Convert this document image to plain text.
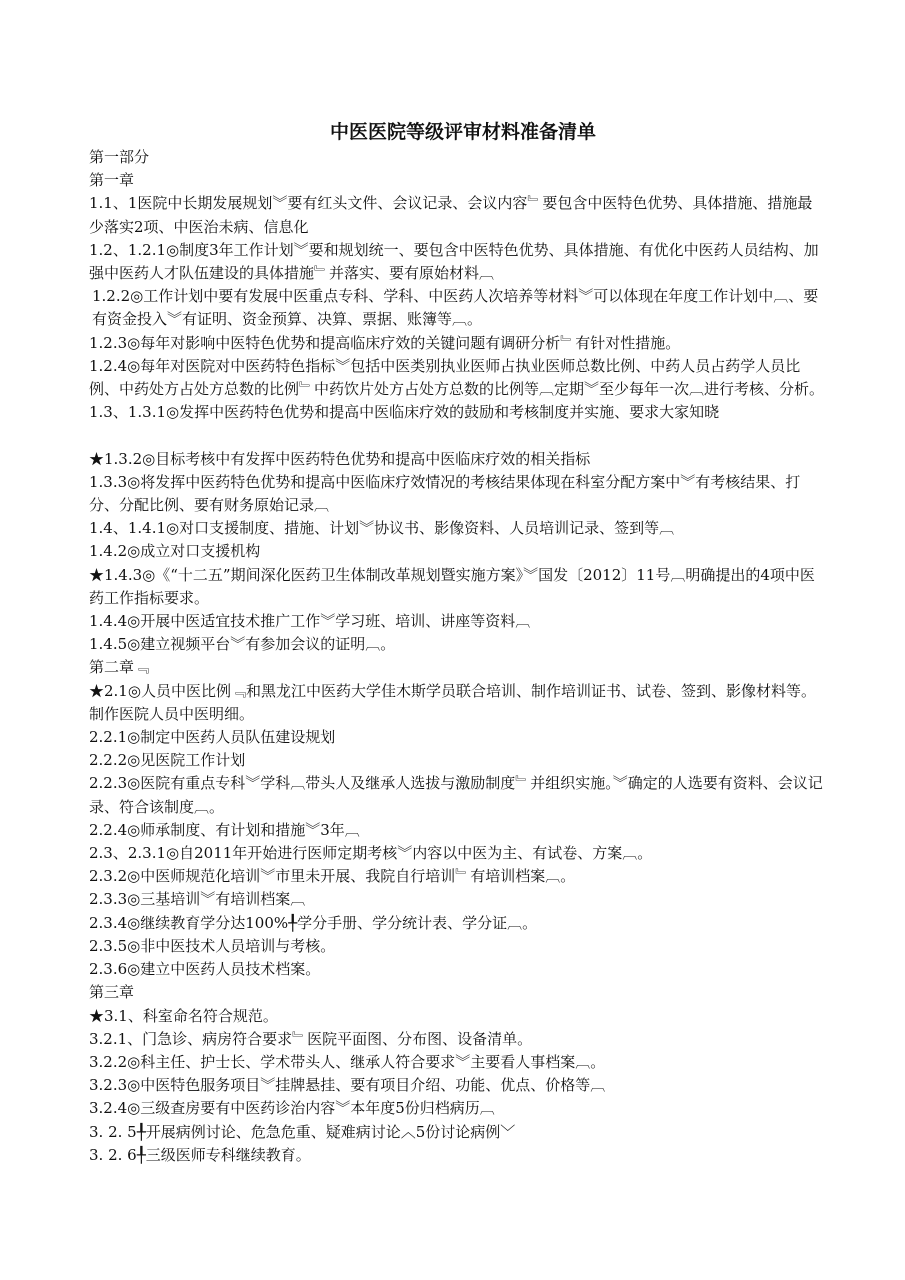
中医医院等级评审材料准备清单

第一部分

第一章

1.1、1医院中长期发展规划︾要有红头文件、会议记录、会议内容﹄要包含中医特色优势、具体措施、措施最少落实2项、中医治未病、信息化

1.2、1.2.1◎制度3年工作计划︾要和规划统一、要包含中医特色优势、具体措施、有优化中医药人员结构、加强中医药人才队伍建设的具体措施﹄并落实、要有原始材料︹

1.2.2◎工作计划中要有发展中医重点专科、学科、中医药人次培养等材料︾可以体现在年度工作计划中︹、要有资金投入︾有证明、资金预算、决算、票据、账簿等︹。

1.2.3◎每年对影响中医特色优势和提高临床疗效的关键问题有调研分析﹄有针对性措施。

1.2.4◎每年对医院对中医药特色指标︾包括中医类别执业医师占执业医师总数比例、中药人员占药学人员比例、中药处方占处方总数的比例﹄中药饮片处方占处方总数的比例等︹定期︾至少每年一次︹进行考核、分析。

1.3、1.3.1◎发挥中医药特色优势和提高中医临床疗效的鼓励和考核制度并实施、要求大家知晓

★1.3.2◎目标考核中有发挥中医药特色优势和提高中医临床疗效的相关指标

1.3.3◎将发挥中医药特色优势和提高中医临床疗效情况的考核结果体现在科室分配方案中︾有考核结果、打分、分配比例、要有财务原始记录︹

1.4、1.4.1◎对口支援制度、措施、计划︾协议书、影像资料、人员培训记录、签到等︹

1.4.2◎成立对口支援机构

★1.4.3◎《“十二五”期间深化医药卫生体制改革规划暨实施方案》︾国发〔2012〕11号︹明确提出的4项中医药工作指标要求。

1.4.4◎开展中医适宜技术推广工作︾学习班、培训、讲座等资料︹

1.4.5◎建立视频平台︾有参加会议的证明︹。

第二章﹃

★2.1◎人员中医比例﹃和黑龙江中医药大学佳木斯学员联合培训、制作培训证书、试卷、签到、影像材料等。制作医院人员中医明细。

2.2.1◎制定中医药人员队伍建设规划

2.2.2◎见医院工作计划

2.2.3◎医院有重点专科︾学科︹带头人及继承人选拔与激励制度﹄并组织实施。︾确定的人选要有资料、会议记录、符合该制度︹。

2.2.4◎师承制度、有计划和措施︾3年︹

2.3、2.3.1◎自2011年开始进行医师定期考核︾内容以中医为主、有试卷、方案︹。

2.3.2◎中医师规范化培训︾市里未开展、我院自行培训﹄有培训档案︹。

2.3.3◎三基培训︾有培训档案︹

2.3.4◎继续教育学分达100%╀学分手册、学分统计表、学分证︹。

2.3.5◎非中医技术人员培训与考核。

2.3.6◎建立中医药人员技术档案。

第三章

★3.1、科室命名符合规范。

3.2.1、门急诊、病房符合要求﹄医院平面图、分布图、设备清单。

3.2.2◎科主任、护士长、学术带头人、继承人符合要求︾主要看人事档案︹。

3.2.3◎中医特色服务项目︾挂牌悬挂、要有项目介绍、功能、优点、价格等︹

3.2.4◎三级查房要有中医药诊治内容︾本年度5份归档病历︹

3. 2. 5╀开展病例讨论、危急危重、疑难病讨论︿5份讨论病例﹀

3. 2. 6╀三级医师专科继续教育。
